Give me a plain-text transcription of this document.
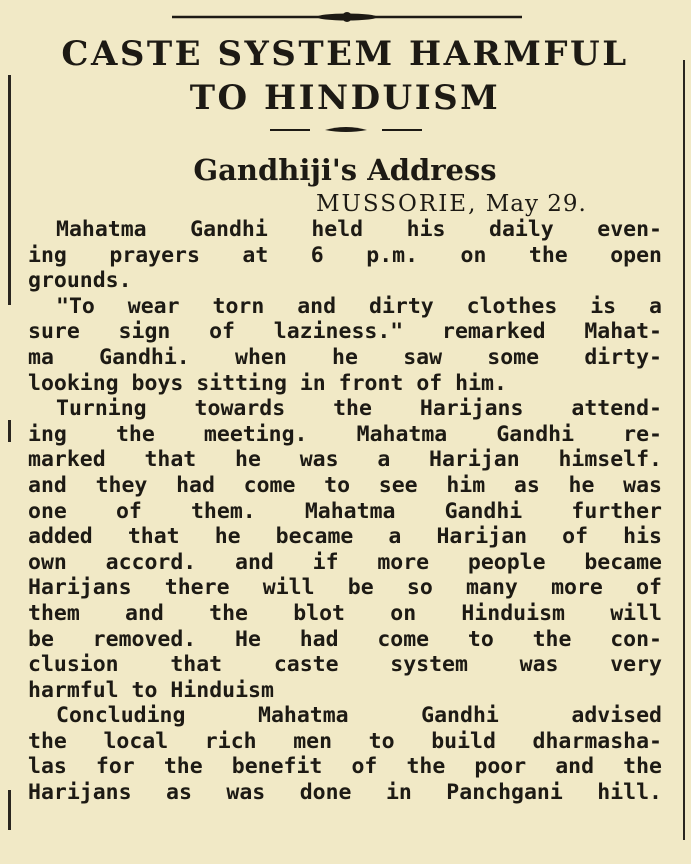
CASTE SYSTEM HARMFUL
TO HINDUISM
Gandhiji's Address
MUSSORIE, May 29.
Mahatma Gandhi held his daily even-
ing prayers at 6 p.m. on the open
grounds.
"To wear torn and dirty clothes is a
sure sign of laziness." remarked Mahat-
ma Gandhi. when he saw some dirty-
looking boys sitting in front of him.
Turning towards the Harijans attend-
ing the meeting. Mahatma Gandhi re-
marked that he was a Harijan himself.
and they had come to see him as he was
one of them. Mahatma Gandhi further
added that he became a Harijan of his
own accord. and if more people became
Harijans there will be so many more of
them and the blot on Hinduism will
be removed. He had come to the con-
clusion that caste system was very
harmful to Hinduism
Concluding Mahatma Gandhi advised
the local rich men to build dharmasha-
las for the benefit of the poor and the
Harijans as was done in Panchgani hill.
